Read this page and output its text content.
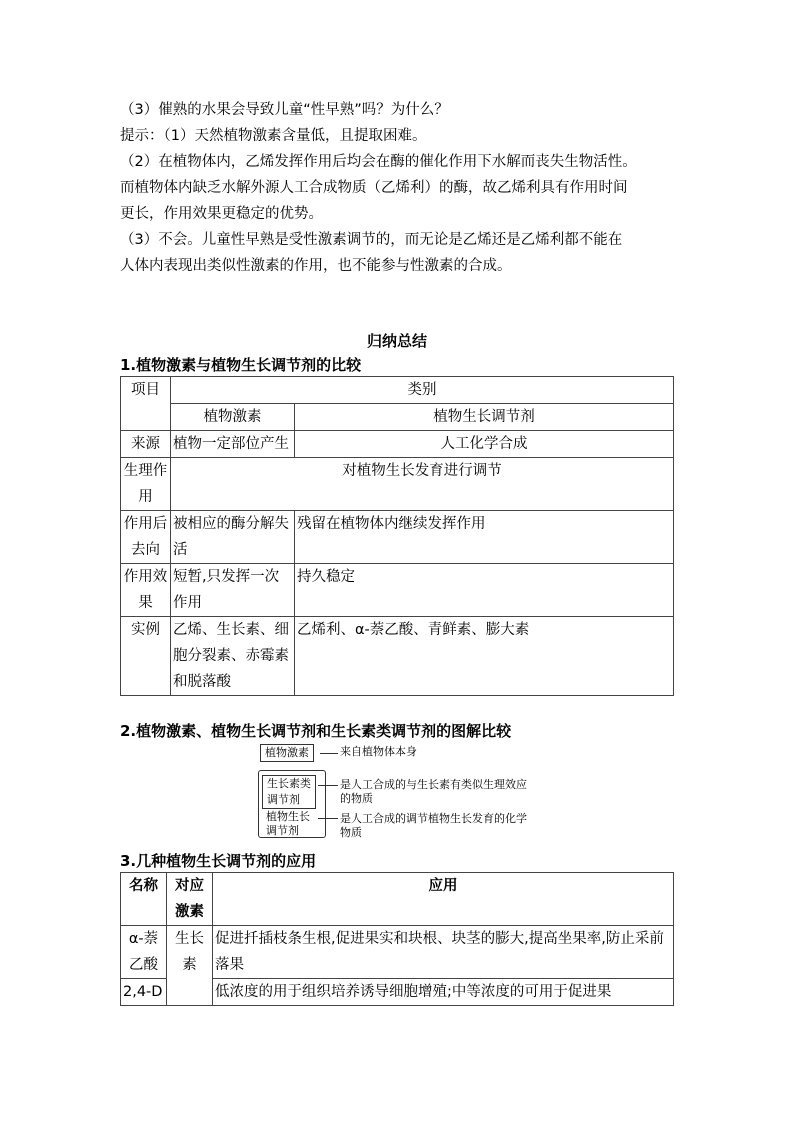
（3）催熟的水果会导致儿童“性早熟”吗？为什么？
提示：（1）天然植物激素含量低，且提取困难。
（2）在植物体内，乙烯发挥作用后均会在酶的催化作用下水解而丧失生物活性。
而植物体内缺乏水解外源人工合成物质（乙烯利）的酶，故乙烯利具有作用时间
更长，作用效果更稳定的优势。
（3）不会。儿童性早熟是受性激素调节的，而无论是乙烯还是乙烯利都不能在
人体内表现出类似性激素的作用，也不能参与性激素的合成。
归纳总结
1.植物激素与植物生长调节剂的比较
项目	类别	
	植物激素	植物生长调节剂
来源	植物一定部位产生	人工化学合成
生理作用	对植物生长发育进行调节	
作用后去向	被相应的酶分解失活	残留在植物体内继续发挥作用
作用效果	短暂,只发挥一次作用	持久稳定
实例	乙烯、生长素、细胞分裂素、赤霉素和脱落酸	乙烯利、α-萘乙酸、青鲜素、膨大素
2.植物激素、植物生长调节剂和生长素类调节剂的图解比较
植物激素	来自植物体本身
生长素类
调节剂
是人工合成的与生长素有类似生理效应
的物质
植物生长
调节剂
是人工合成的调节植物生长发育的化学
物质
3.几种植物生长调节剂的应用
名称	对应激素	应用
α-萘乙酸	生长素	促进扦插枝条生根,促进果实和块根、块茎的膨大,提高坐果率,防止采前落果
2,4-D		低浓度的用于组织培养诱导细胞增殖;中等浓度的可用于促进果
